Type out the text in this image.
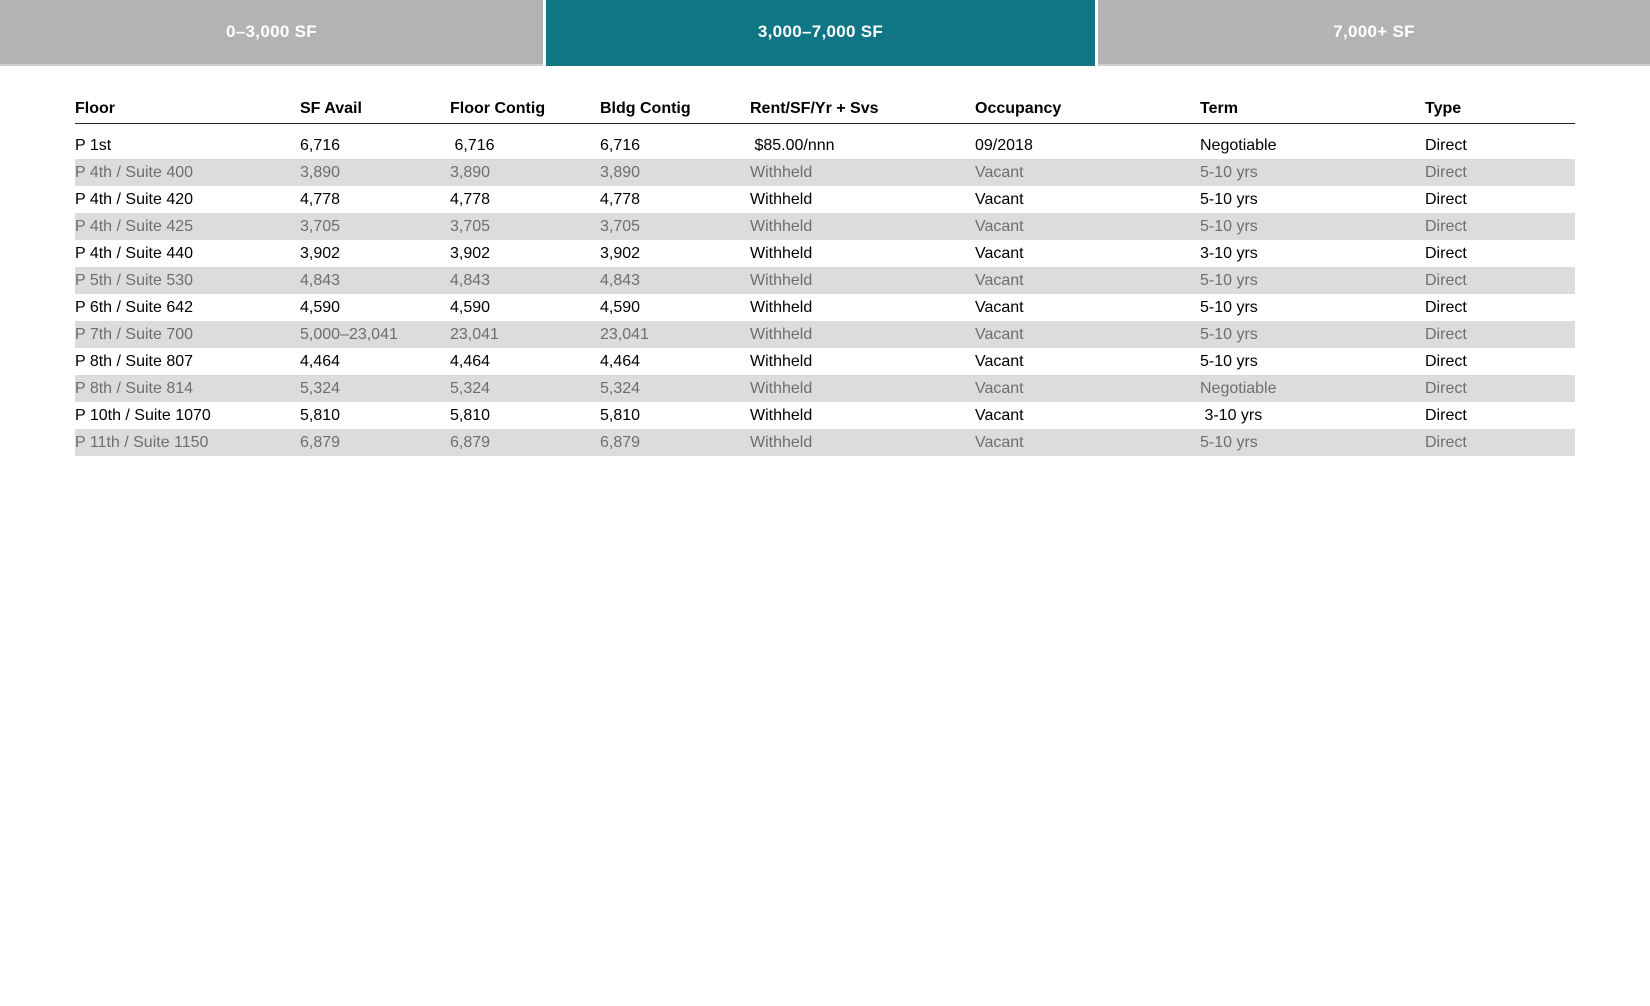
0–3,000 SF	3,000–7,000 SF	7,000+ SF
Floor	SF Avail	Floor Contig	Bldg Contig	Rent/SF/Yr + Svs	Occupancy	Term	Type

P 1st	6,716	6,716	6,716	$85.00/nnn	09/2018	Negotiable	Direct
P 4th / Suite 400	3,890	3,890	3,890	Withheld	Vacant	5-10 yrs	Direct
P 4th / Suite 420	4,778	4,778	4,778	Withheld	Vacant	5-10 yrs	Direct
P 4th / Suite 425	3,705	3,705	3,705	Withheld	Vacant	5-10 yrs	Direct
P 4th / Suite 440	3,902	3,902	3,902	Withheld	Vacant	3-10 yrs	Direct
P 5th / Suite 530	4,843	4,843	4,843	Withheld	Vacant	5-10 yrs	Direct
P 6th / Suite 642	4,590	4,590	4,590	Withheld	Vacant	5-10 yrs	Direct
P 7th / Suite 700	5,000–23,041	23,041	23,041	Withheld	Vacant	5-10 yrs	Direct
P 8th / Suite 807	4,464	4,464	4,464	Withheld	Vacant	5-10 yrs	Direct
P 8th / Suite 814	5,324	5,324	5,324	Withheld	Vacant	Negotiable	Direct
P 10th / Suite 1070	5,810	5,810	5,810	Withheld	Vacant	3-10 yrs	Direct
P 11th / Suite 1150	6,879	6,879	6,879	Withheld	Vacant	5-10 yrs	Direct
